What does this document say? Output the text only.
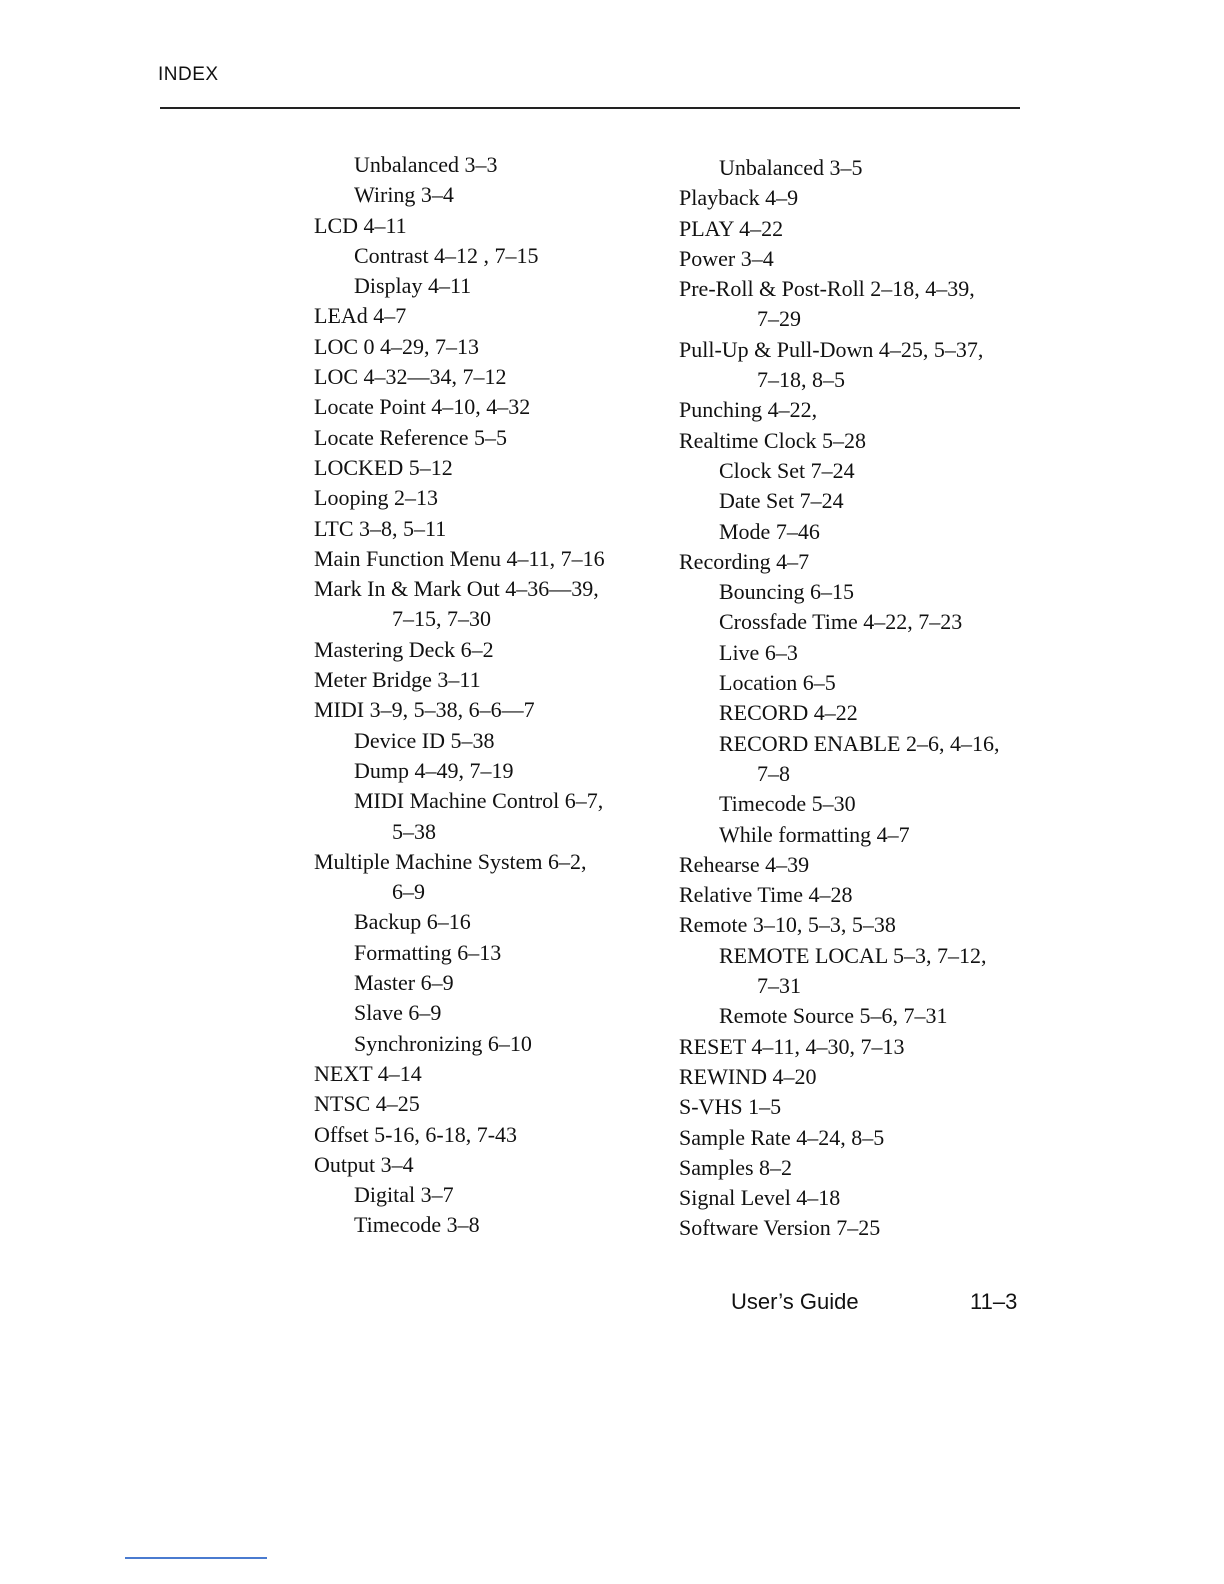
INDEX
Unbalanced 3–3
Wiring 3–4
LCD 4–11
Contrast 4–12 , 7–15
Display 4–11
LEAd 4–7
LOC 0 4–29, 7–13
LOC 4–32—34, 7–12
Locate Point 4–10, 4–32
Locate Reference 5–5
LOCKED 5–12
Looping 2–13
LTC 3–8, 5–11
Main Function Menu 4–11, 7–16
Mark In & Mark Out 4–36—39,
7–15, 7–30
Mastering Deck 6–2
Meter Bridge 3–11
MIDI 3–9, 5–38, 6–6—7
Device ID 5–38
Dump 4–49, 7–19
MIDI Machine Control 6–7,
5–38
Multiple Machine System 6–2,
6–9
Backup 6–16
Formatting 6–13
Master 6–9
Slave 6–9
Synchronizing 6–10
NEXT 4–14
NTSC 4–25
Offset 5-16, 6-18, 7-43
Output 3–4
Digital 3–7
Timecode 3–8
Unbalanced 3–5
Playback 4–9
PLAY 4–22
Power 3–4
Pre-Roll & Post-Roll 2–18, 4–39,
7–29
Pull-Up & Pull-Down 4–25, 5–37,
7–18, 8–5
Punching 4–22,
Realtime Clock 5–28
Clock Set 7–24
Date Set 7–24
Mode 7–46
Recording 4–7
Bouncing 6–15
Crossfade Time 4–22, 7–23
Live 6–3
Location 6–5
RECORD 4–22
RECORD ENABLE 2–6, 4–16,
7–8
Timecode 5–30
While formatting 4–7
Rehearse 4–39
Relative Time 4–28
Remote 3–10, 5–3, 5–38
REMOTE LOCAL 5–3, 7–12,
7–31
Remote Source 5–6, 7–31
RESET 4–11, 4–30, 7–13
REWIND 4–20
S-VHS 1–5
Sample Rate 4–24, 8–5
Samples 8–2
Signal Level 4–18
Software Version 7–25
User’s Guide	11–3
